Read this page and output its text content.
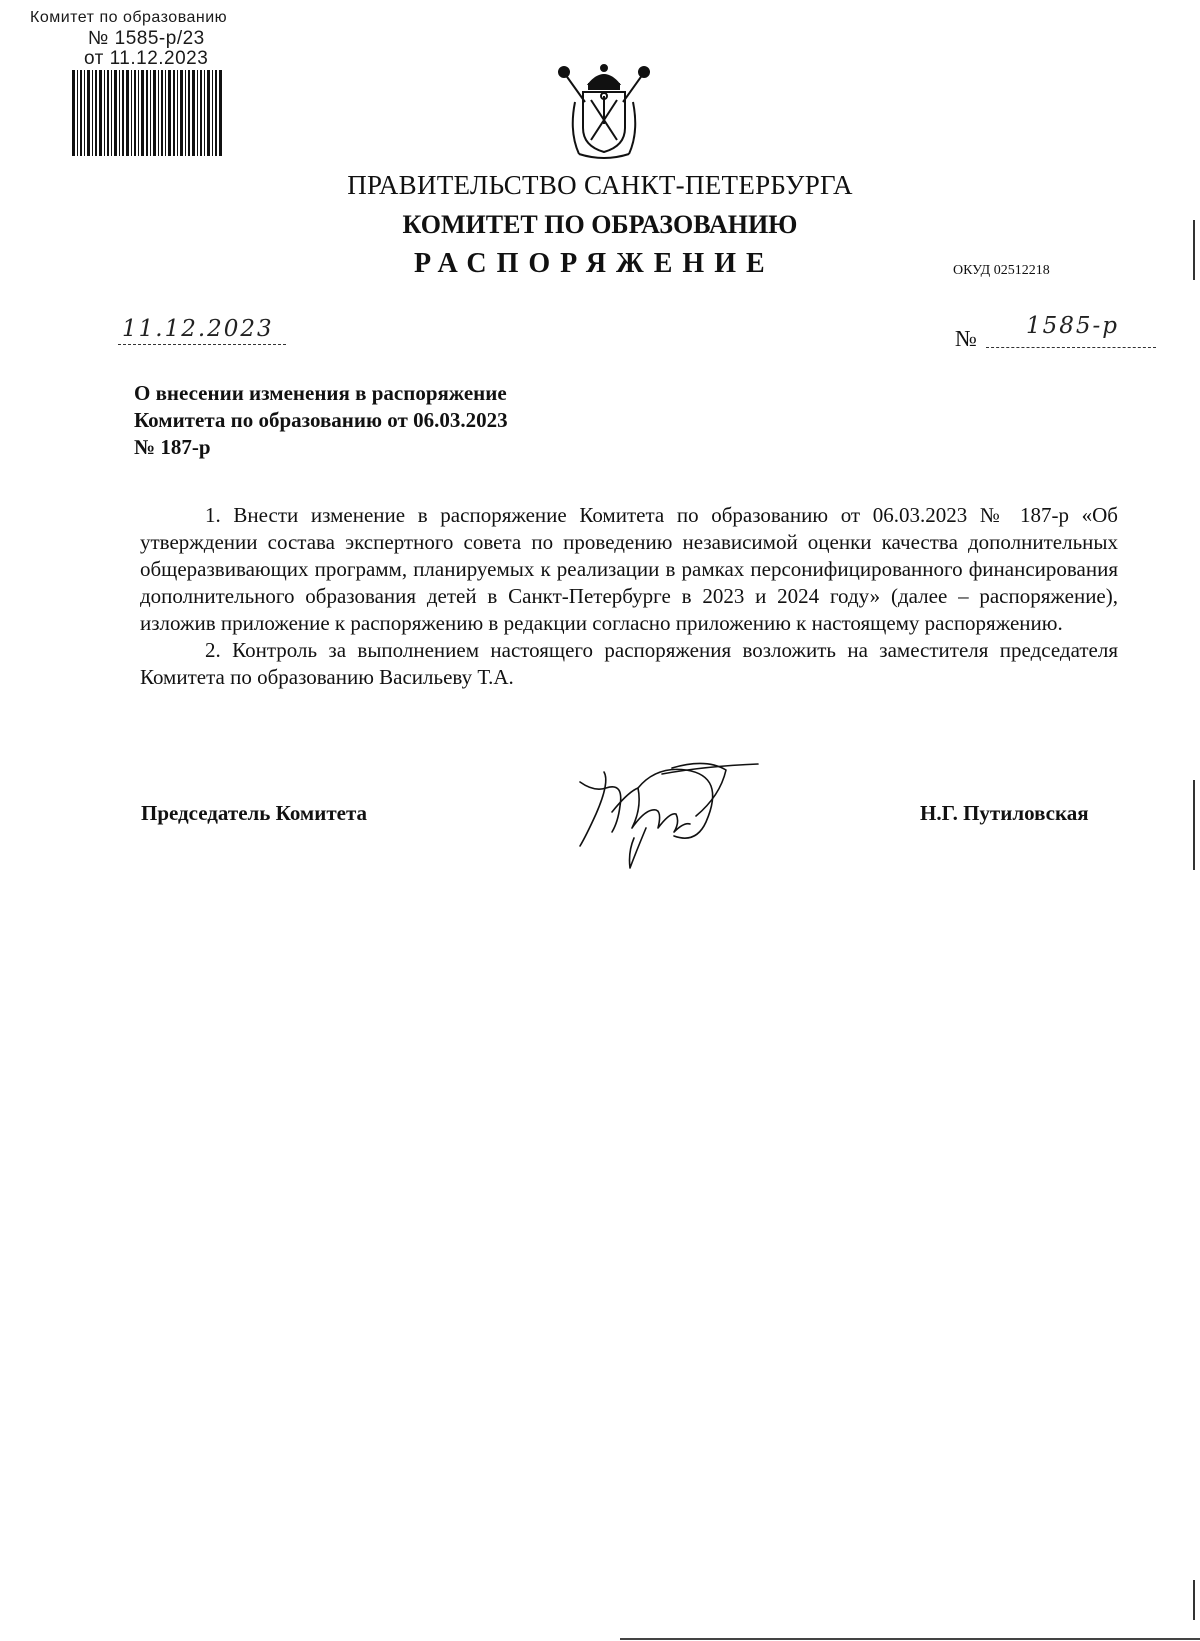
Комитет по образованию
№ 1585-р/23
от 11.12.2023
ПРАВИТЕЛЬСТВО САНКТ-ПЕТЕРБУРГА
КОМИТЕТ ПО ОБРАЗОВАНИЮ
РАСПОРЯЖЕНИЕ	ОКУД 02512218
11.12.2023	№ 1585-р
О внесении изменения в распоряжение
Комитета по образованию от 06.03.2023
№ 187-р

1. Внести изменение в распоряжение Комитета по образованию от 06.03.2023 № 187-р «Об утверждении состава экспертного совета по проведению независимой оценки качества дополнительных общеразвивающих программ, планируемых к реализации в рамках персонифицированного финансирования дополнительного образования детей в Санкт-Петербурге в 2023 и 2024 году» (далее – распоряжение), изложив приложение к распоряжению в редакции согласно приложению к настоящему распоряжению.

2. Контроль за выполнением настоящего распоряжения возложить на заместителя председателя Комитета по образованию Васильеву Т.А.

Председатель Комитета	Н.Г. Путиловская
